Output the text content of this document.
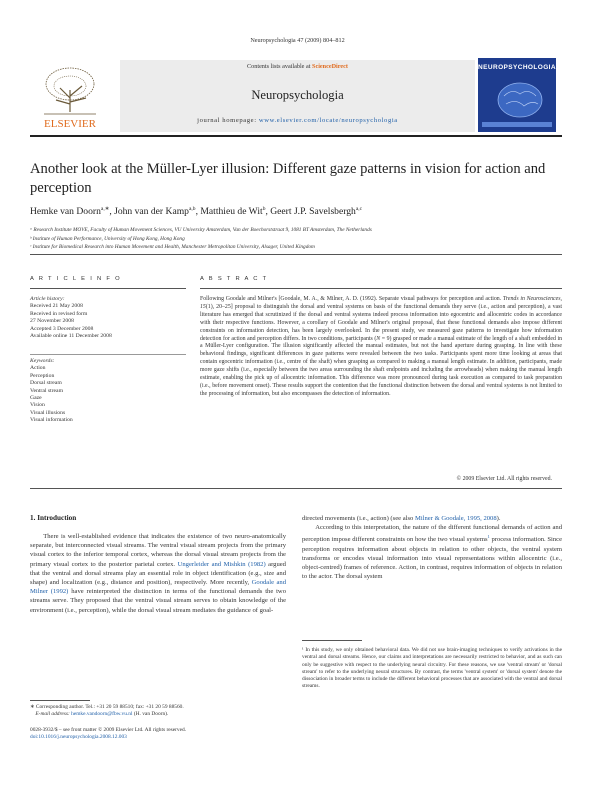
Neuropsychologia 47 (2009) 804–812
ELSEVIER
Contents lists available at ScienceDirect
Neuropsychologia
journal homepage: www.elsevier.com/locate/neuropsychologia
NEUROPSYCHOLOGIA
Another look at the Müller-Lyer illusion: Different gaze patterns in vision for action and perception
Hemke van Doorn$^{a,∗}$, John van der Kamp$^{a,b}$, Matthieu de Wit$^b$, Geert J.P. Savelsbergh$^{a,c}$
ᵃ Research Institute MOVE, Faculty of Human Movement Sciences, VU University Amsterdam, Van der Boechorststraat 9, 1081 BT Amsterdam, The Netherlands
ᵇ Institute of Human Performance, University of Hong Kong, Hong Kong
ᶜ Institute for Biomedical Research into Human Movement and Health, Manchester Metropolitan University, Alsager, United Kingdom
A R T I C L E I N F O	A B S T R A C T
Article history:
Received 21 May 2008
Received in revised form
27 November 2008
Accepted 3 December 2008
Available online 11 December 2008
Keywords:
Action
Perception
Dorsal stream
Ventral stream
Gaze
Vision
Visual illusions
Visual information
Following Goodale and Milner's [Goodale, M. A., & Milner, A. D. (1992). Separate visual pathways for perception and action. Trends in Neurosciences, 15(1), 20–25] proposal to distinguish the dorsal and ventral systems on basis of the functional demands they serve (i.e., action and perception), a vast literature has emerged that scrutinized if the dorsal and ventral systems indeed process information into egocentric and allocentric codes in accordance with their respective functions. However, a corollary of Goodale and Milner's original proposal, that these functional demands also impose different constraints on information detection, has been largely overlooked. In the present study, we measured gaze patterns to investigate how information detection for action and perception differs. In two conditions, participants (N = 9) grasped or made a manual estimate of the length of a shaft embedded in a Müller-Lyer configuration. The illusion significantly affected the manual estimates, but not the hand aperture during grasping. In line with these behavioral findings, significant differences in gaze patterns were revealed between the two tasks. Participants spent more time looking at areas that contain egocentric information (i.e., centre of the shaft) when grasping as compared to making a manual length estimate. In addition, participants, made more gaze shifts (i.e., especially between the two areas surrounding the shaft endpoints and including the arrowheads) when making the manual length estimate, enabling the pick up of allocentric information. This difference was more pronounced during task execution as compared to task preparation (i.e., before movement onset). These results support the contention that the functional distinction between the dorsal and ventral systems is not limited to the processing of information, but also encompasses the detection of information.
© 2009 Elsevier Ltd. All rights reserved.
1. Introduction
  There is well-established evidence that indicates the existence of two neuro-anatomically separate, but interconnected visual streams. The ventral visual stream projects from the primary visual cortex to the inferior temporal cortex, whereas the dorsal visual stream projects from the primary visual cortex to the posterior parietal cortex. Ungerleider and Mishkin (1982) argued that the ventral and dorsal streams play an essential role in object identification (e.g., size and shape) and localization (e.g., distance and position), respectively. More recently, Goodale and Milner (1992) have reinterpreted the distinction in terms of the functional demands the two streams serve. They proposed that the ventral visual stream serves to obtain knowledge of the environment (i.e., perception), while the dorsal visual stream mediates the guidance of goal-
directed movements (i.e., action) (see also Milner & Goodale, 1995, 2008).
  According to this interpretation, the nature of the different functional demands of action and perception impose different constraints on how the two visual systems$^1$ process information. Since perception requires information about objects in relation to other objects, the ventral system transforms or encodes visual information into visual representations within allocentric (i.e., object-centred) frames of reference. Action, in contrast, requires information of objects in relation to the actor. The dorsal system
¹ In this study, we only obtained behavioral data. We did not use brain-imaging techniques to verify activations in the ventral and dorsal streams. Hence, our claims and interpretations are necessarily restricted to behavior, and as such can only be suggestive with respect to the underlying neural circuitry. For these reasons, we use 'ventral stream' or 'dorsal stream' to refer to the underlying neural structures. By contrast, the terms 'ventral system' or 'dorsal system' denote the dissociation in broader terms to include the different behavioral processes that are associated with the ventral and dorsal streams.
∗ Corresponding author. Tel.: +31 20 59 88510; fax: +31 20 59 88560.
 E-mail address: hemke.vandoorn@fbw.vu.nl (H. van Doorn).
0028-3932/$ – see front matter © 2009 Elsevier Ltd. All rights reserved.
doi:10.1016/j.neuropsychologia.2008.12.003
